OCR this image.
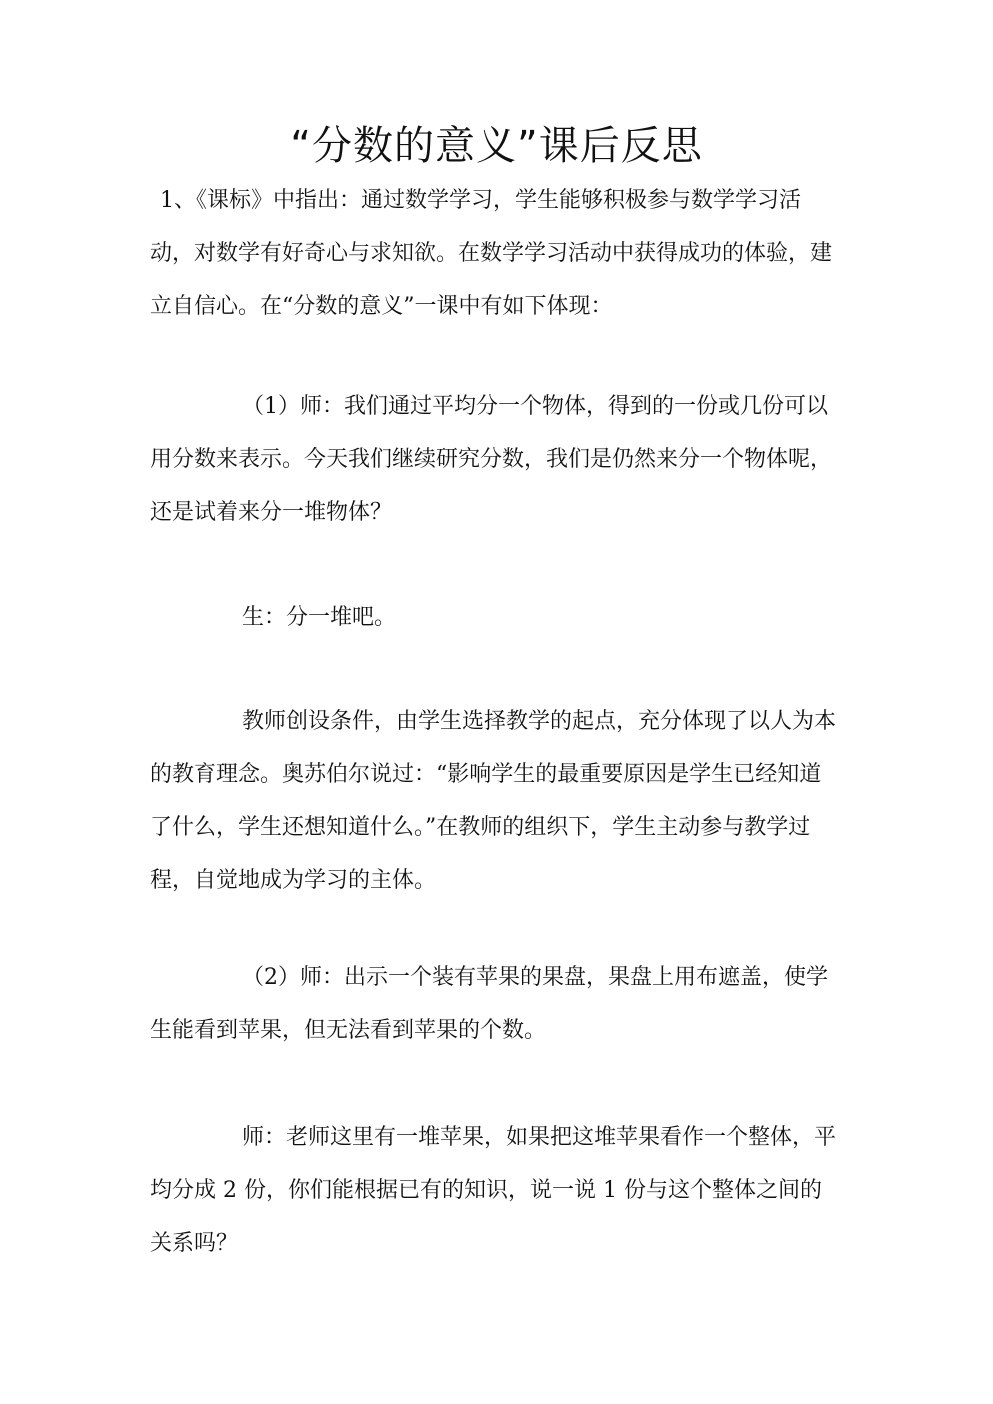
“分数的意义”课后反思

1、《课标》中指出：通过数学学习，学生能够积极参与数学学习活动，对数学有好奇心与求知欲。在数学学习活动中获得成功的体验，建立自信心。在“分数的意义”一课中有如下体现：

（1）师：我们通过平均分一个物体，得到的一份或几份可以用分数来表示。今天我们继续研究分数，我们是仍然来分一个物体呢，还是试着来分一堆物体？

生：分一堆吧。

教师创设条件，由学生选择教学的起点，充分体现了以人为本的教育理念。奥苏伯尔说过：“影响学生的最重要原因是学生已经知道了什么，学生还想知道什么。”在教师的组织下，学生主动参与教学过程，自觉地成为学习的主体。

（2）师：出示一个装有苹果的果盘，果盘上用布遮盖，使学生能看到苹果，但无法看到苹果的个数。

师：老师这里有一堆苹果，如果把这堆苹果看作一个整体，平均分成 2 份，你们能根据已有的知识，说一说 1 份与这个整体之间的关系吗？
